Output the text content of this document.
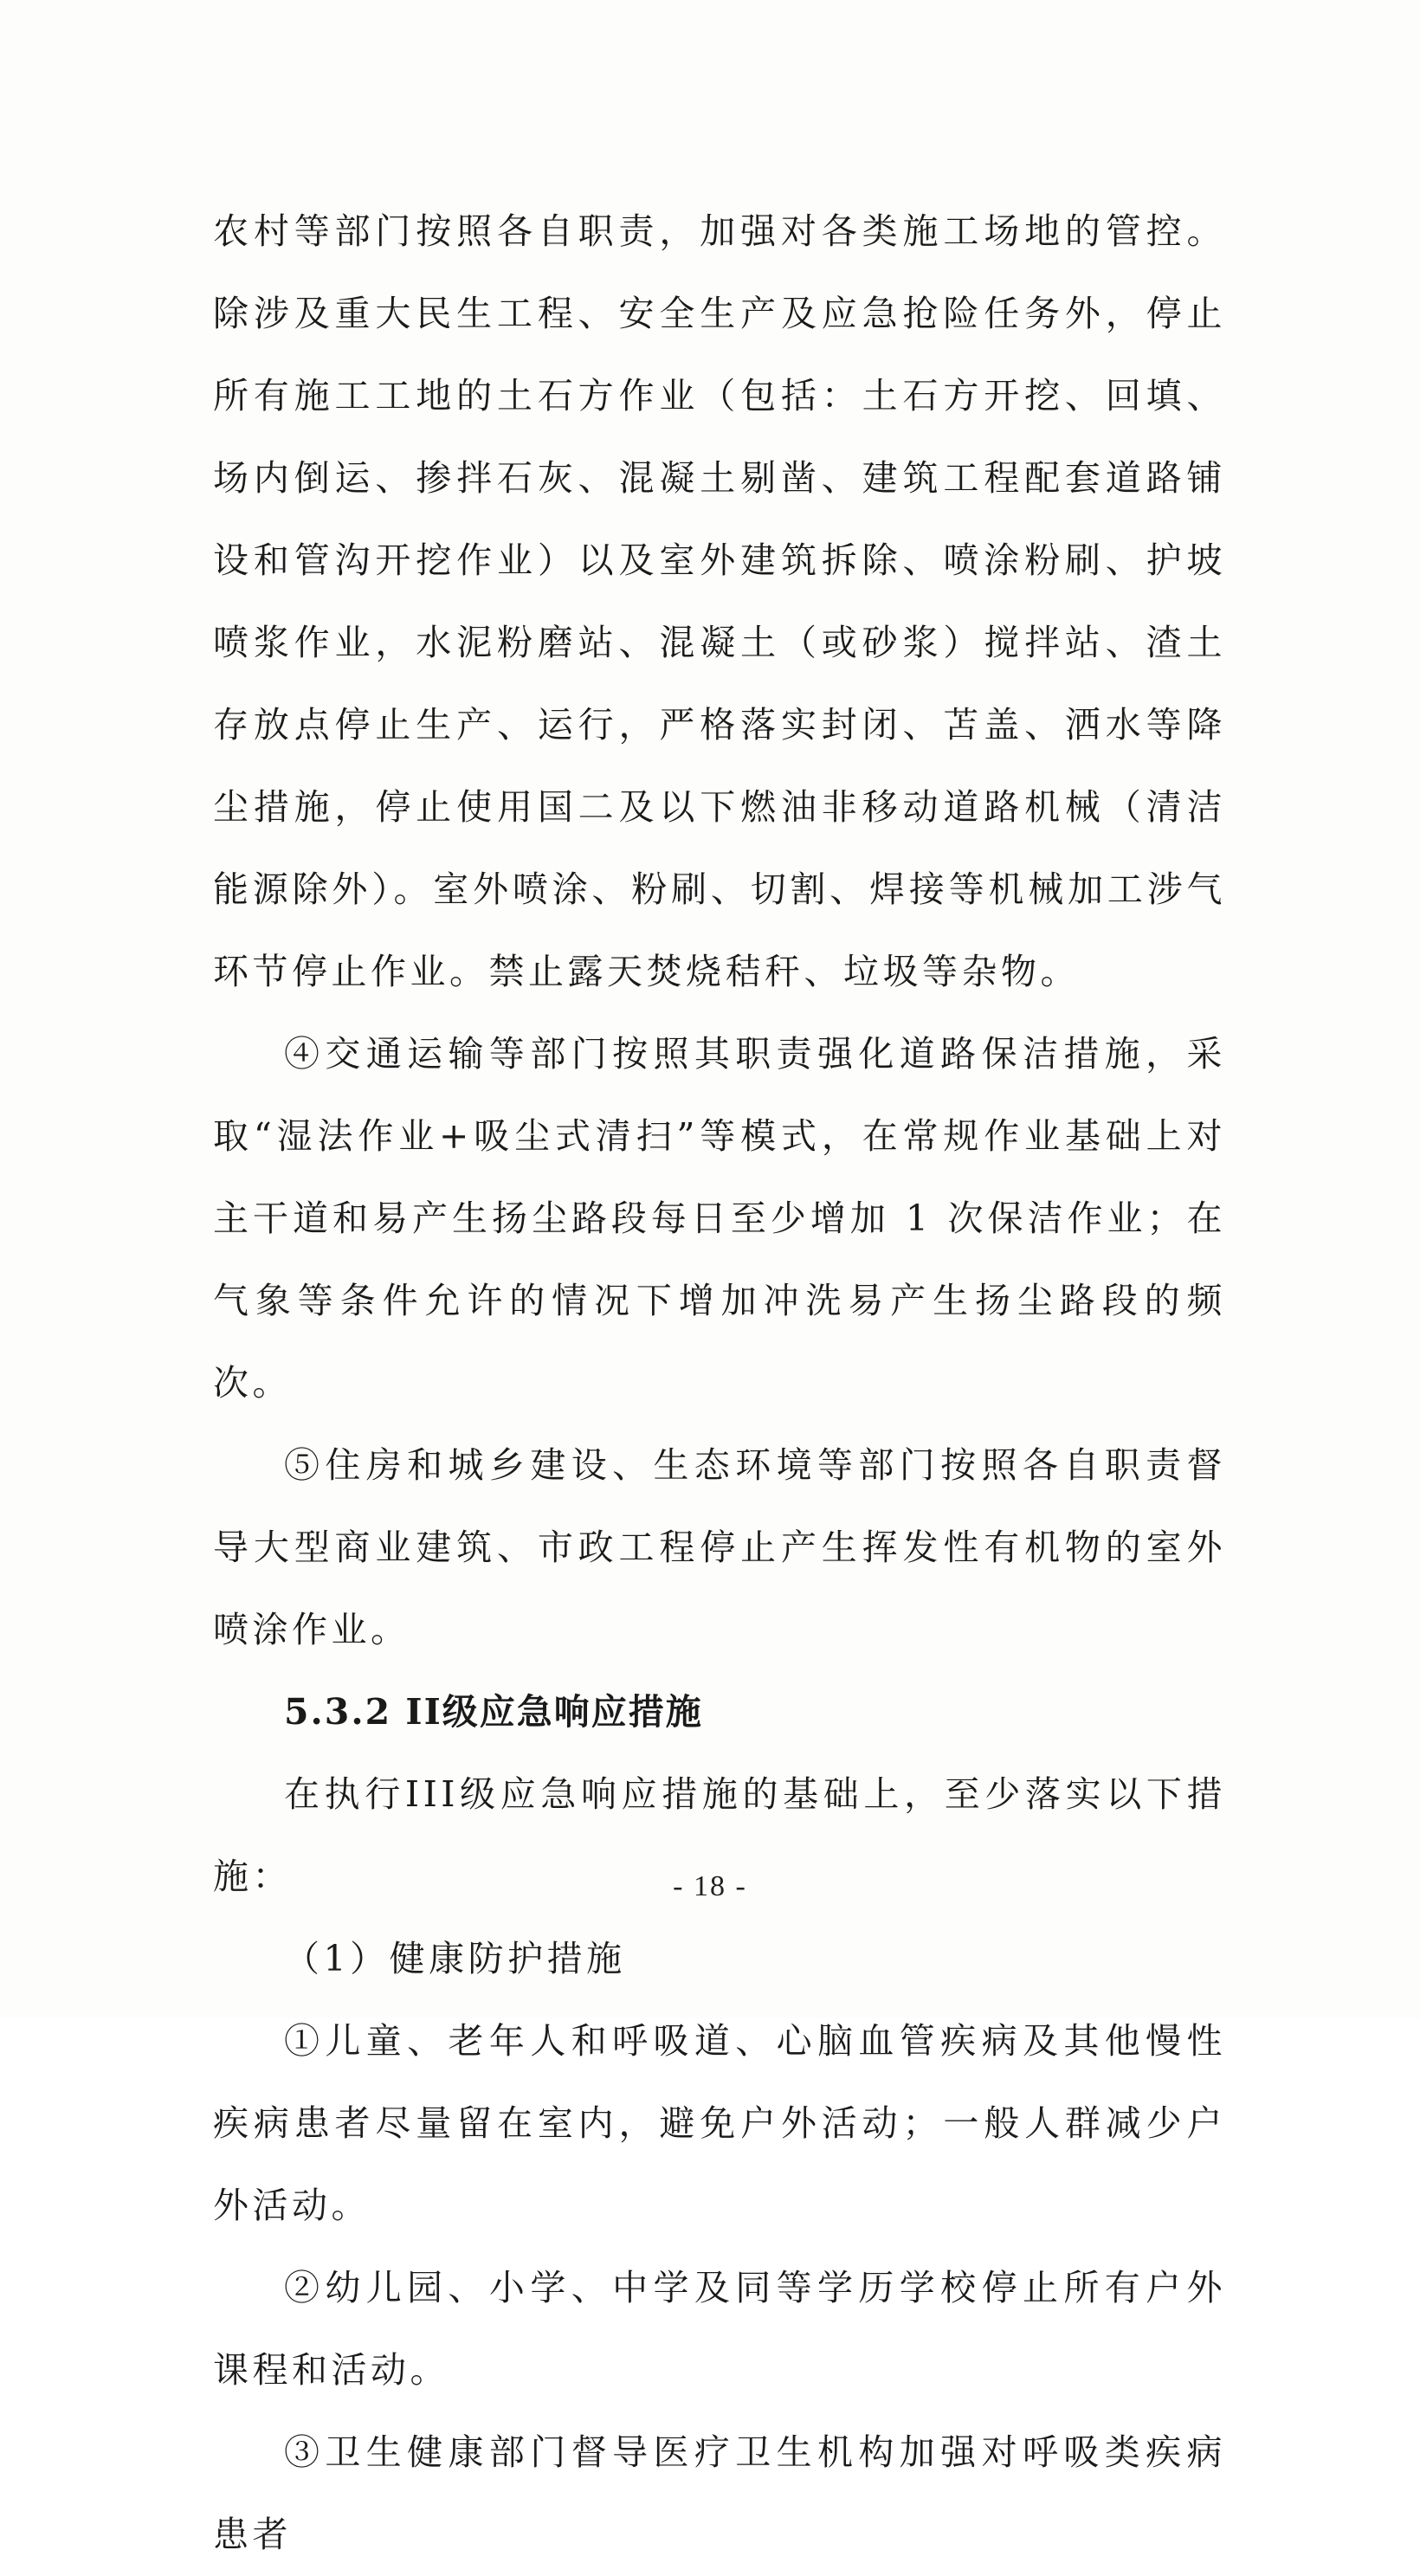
农村等部门按照各自职责，加强对各类施工场地的管控。除涉及重大民生工程、安全生产及应急抢险任务外，停止所有施工工地的土石方作业（包括：土石方开挖、回填、场内倒运、掺拌石灰、混凝土剔凿、建筑工程配套道路铺设和管沟开挖作业）以及室外建筑拆除、喷涂粉刷、护坡喷浆作业，水泥粉磨站、混凝土（或砂浆）搅拌站、渣土存放点停止生产、运行，严格落实封闭、苫盖、洒水等降尘措施，停止使用国二及以下燃油非移动道路机械（清洁能源除外）。室外喷涂、粉刷、切割、焊接等机械加工涉气环节停止作业。禁止露天焚烧秸秆、垃圾等杂物。

④交通运输等部门按照其职责强化道路保洁措施，采取“湿法作业+吸尘式清扫”等模式，在常规作业基础上对主干道和易产生扬尘路段每日至少增加 1 次保洁作业；在气象等条件允许的情况下增加冲洗易产生扬尘路段的频次。

⑤住房和城乡建设、生态环境等部门按照各自职责督导大型商业建筑、市政工程停止产生挥发性有机物的室外喷涂作业。

5.3.2 II级应急响应措施

在执行III级应急响应措施的基础上，至少落实以下措施：

（1）健康防护措施

①儿童、老年人和呼吸道、心脑血管疾病及其他慢性疾病患者尽量留在室内，避免户外活动；一般人群减少户外活动。

②幼儿园、小学、中学及同等学历学校停止所有户外课程和活动。

③卫生健康部门督导医疗卫生机构加强对呼吸类疾病患者

- 18 -
